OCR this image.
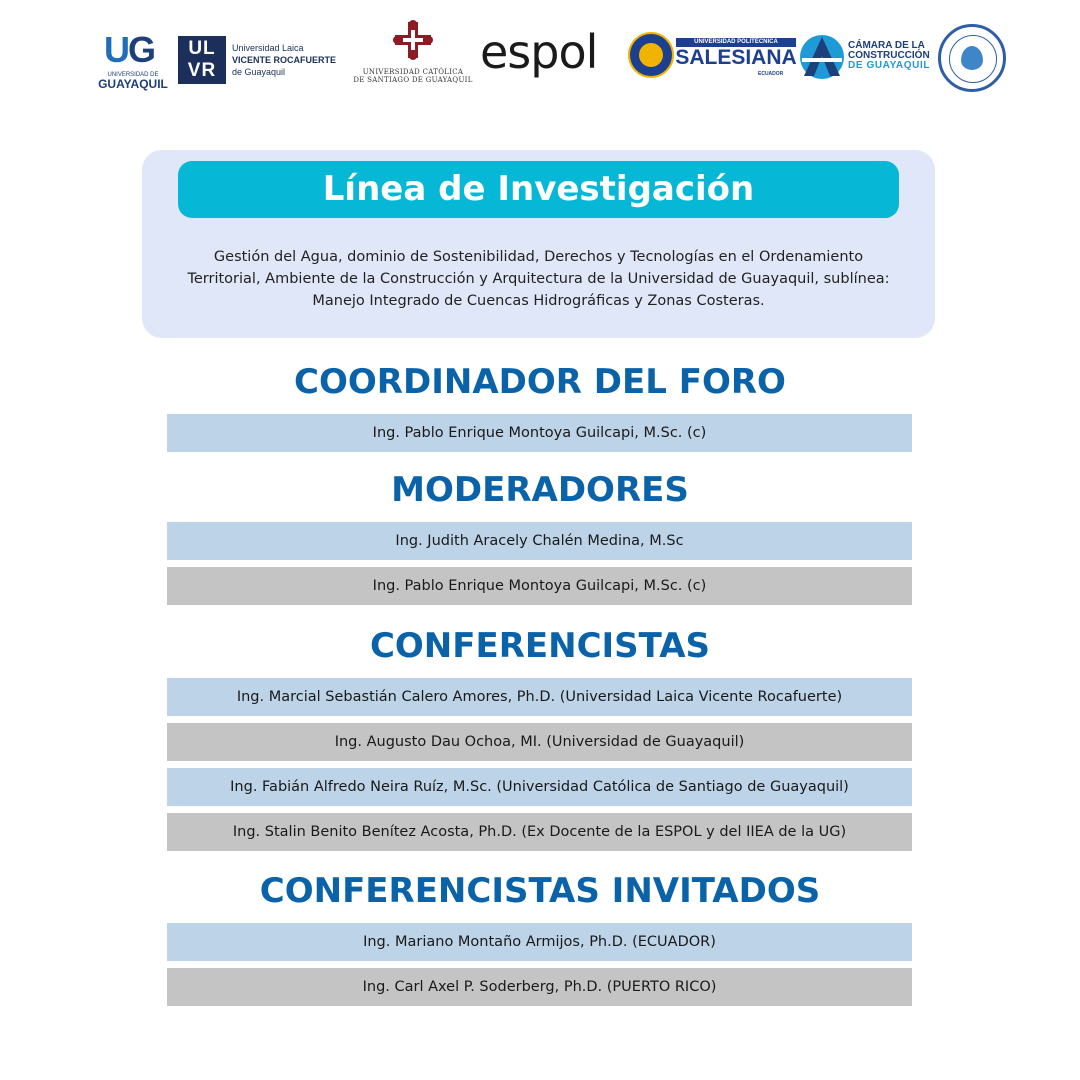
UG
UNIVERSIDAD DE
GUAYAQUIL
UL
VR
Universidad Laica
VICENTE ROCAFUERTE
de Guayaquil	UNIVERSIDAD CATÓLICA
DE SANTIAGO DE GUAYAQUIL
espol	UNIVERSIDAD POLITÉCNICA
SALESIANA
ECUADOR
CÁMARA DE LA
CONSTRUCCIÓN
DE GUAYAQUIL
Línea de Investigación
Gestión del Agua, dominio de Sostenibilidad, Derechos y Tecnologías en el Ordenamiento Territorial, Ambiente de la Construcción y Arquitectura de la Universidad de Guayaquil, sublínea: Manejo Integrado de Cuencas Hidrográficas y Zonas Costeras.
COORDINADOR DEL FORO
Ing. Pablo Enrique Montoya Guilcapi, M.Sc. (c)
MODERADORES
Ing. Judith Aracely Chalén Medina, M.Sc
Ing. Pablo Enrique Montoya Guilcapi, M.Sc. (c)
CONFERENCISTAS
Ing. Marcial Sebastián Calero Amores, Ph.D. (Universidad Laica Vicente Rocafuerte)
Ing. Augusto Dau Ochoa, MI. (Universidad de Guayaquil)
Ing. Fabián Alfredo Neira Ruíz, M.Sc. (Universidad Católica de Santiago de Guayaquil)
Ing. Stalin Benito Benítez Acosta, Ph.D. (Ex Docente de la ESPOL y del IIEA de la UG)
CONFERENCISTAS INVITADOS
Ing. Mariano Montaño Armijos, Ph.D. (ECUADOR)
Ing. Carl Axel P. Soderberg, Ph.D. (PUERTO RICO)
